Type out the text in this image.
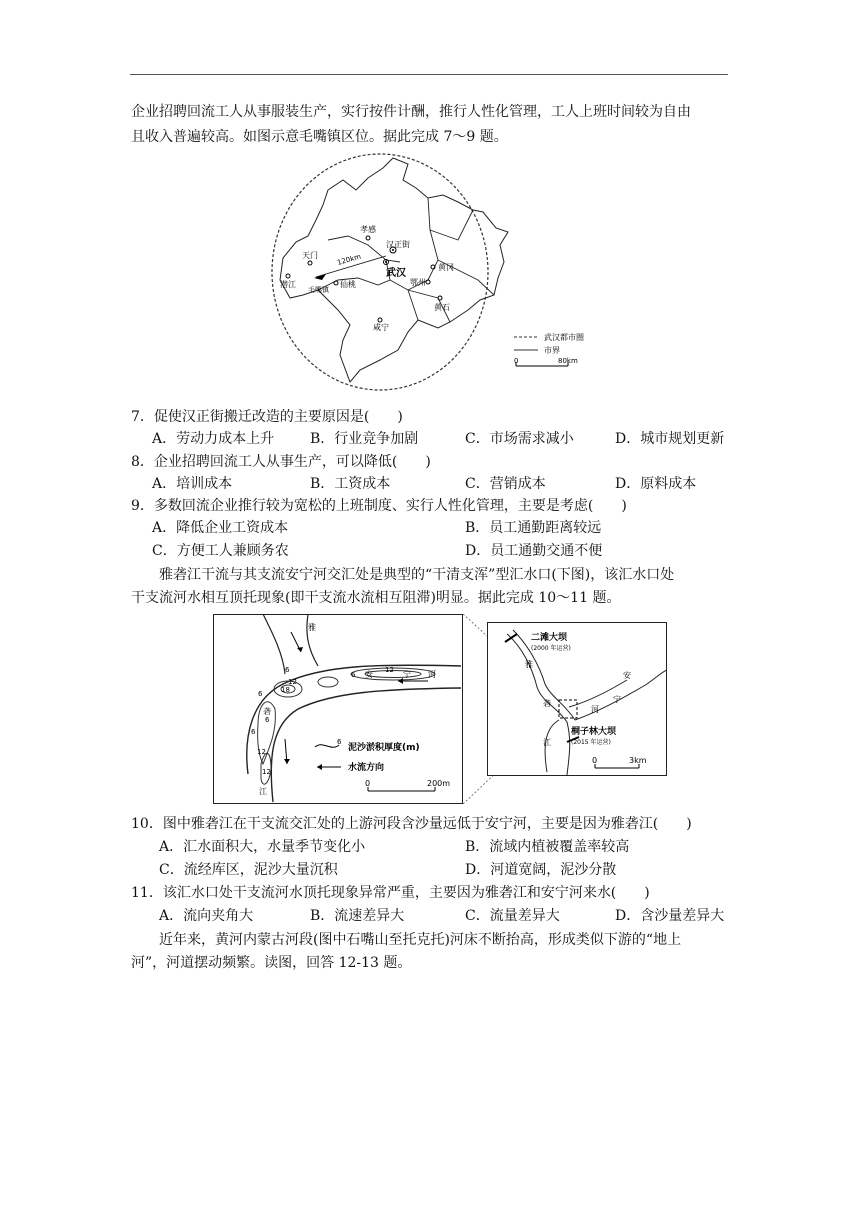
企业招聘回流工人从事服装生产，实行按件计酬，推行人性化管理，工人上班时间较为自由
且收入普遍较高。如图示意毛嘴镇区位。据此完成 7～9 题。
孝感
汉正街
天门	120km
武汉
黄冈
潜江
毛嘴镇
仙桃	鄂州
黄石
咸宁
武汉都市圈
市界
0	80km
7．促使汉正街搬迁改造的主要原因是(　　)
A．劳动力成本上升	B．行业竞争加剧	C．市场需求减小	D．城市规划更新
8．企业招聘回流工人从事生产，可以降低(　　)
A．培训成本	B．工资成本	C．营销成本	D．原料成本
9．多数回流企业推行较为宽松的上班制度、实行人性化管理，主要是考虑(　　)
A．降低企业工资成本	B．员工通勤距离较远
C．方便工人兼顾务农	D．员工通勤交通不便
雅砻江干流与其支流安宁河交汇处是典型的“干清支浑”型汇水口(下图)，该汇水口处
干支流河水相互顶托现象(即干支流水流相互阻滞)明显。据此完成 10～11 题。
雅
砻
江
安	宁 河
6
12
18
6
12
6
12
6
12
6
6
泥沙淤积厚度(m)
水流方向
0	200m
二滩大坝
(2000 年运营)
雅
砻
江
安
宁
河
桐子林大坝
(2015 年运营)
0	3km
10．图中雅砻江在干支流交汇处的上游河段含沙量远低于安宁河，主要是因为雅砻江(　　)
A．汇水面积大，水量季节变化小	B．流域内植被覆盖率较高
C．流经库区，泥沙大量沉积	D．河道宽阔，泥沙分散
11．该汇水口处干支流河水顶托现象异常严重，主要因为雅砻江和安宁河来水(　　)
A．流向夹角大	B．流速差异大	C．流量差异大	D．含沙量差异大
近年来，黄河内蒙古河段(图中石嘴山至托克托)河床不断抬高，形成类似下游的“地上
河”，河道摆动频繁。读图，回答 12-13 题。
